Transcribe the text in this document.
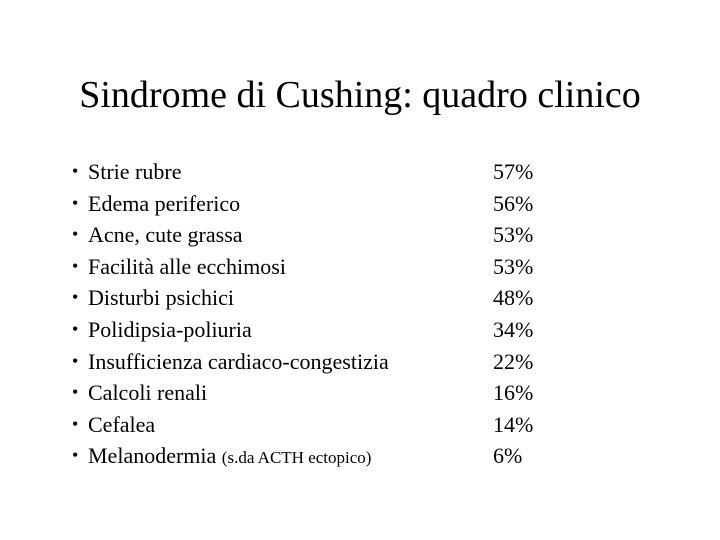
Sindrome di Cushing: quadro clinico
• Strie rubre	57%
• Edema periferico	56%
• Acne, cute grassa	53%
• Facilità alle ecchimosi	53%
• Disturbi psichici	48%
• Polidipsia-poliuria	34%
• Insufficienza cardiaco-congestizia	22%
• Calcoli renali	16%
• Cefalea	14%
• Melanodermia (s.da ACTH ectopico)	6%
